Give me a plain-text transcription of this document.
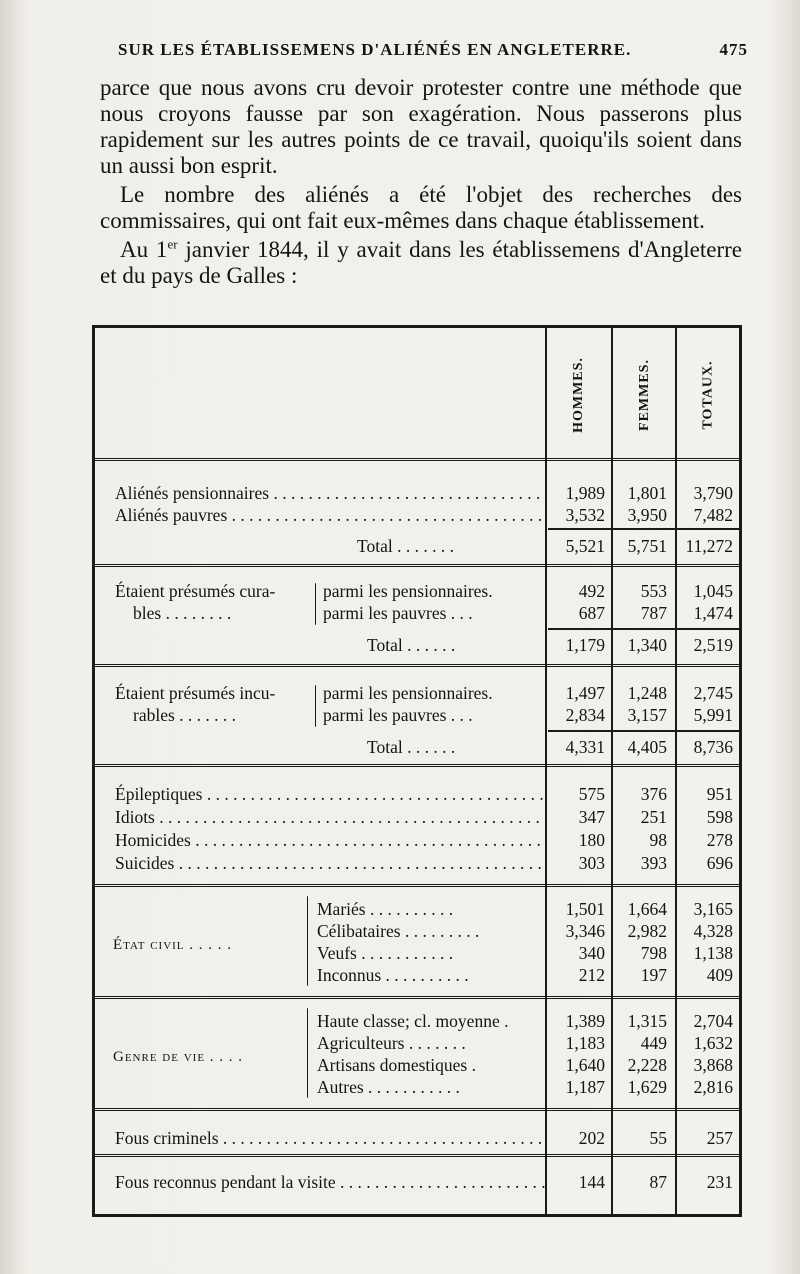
SUR LES ÉTABLISSEMENS D'ALIÉNÉS EN ANGLETERRE.	475

parce que nous avons cru devoir protester contre une méthode que nous croyons fausse par son exagération. Nous passerons plus rapidement sur les autres points de ce travail, quoiqu'ils soient dans un aussi bon esprit.

Le nombre des aliénés a été l'objet des recherches des commissaires, qui ont fait eux-mêmes dans chaque établissement.

Au 1er janvier 1844, il y avait dans les établissemens d'Angleterre et du pays de Galles :

HOMMES.	FEMMES.	TOTAUX.
Aliénés pensionnaires . . .	1,989	1,801	3,790
Aliénés pauvres . . .	3,532	3,950	7,482
Total . . . . . . .	5,521	5,751	11,272
Étaient présumés cura-	parmi les pensionnaires.	492	553	1,045
bles . . . . . . . .	parmi les pauvres . . .	687	787	1,474
Total . . . . . .	1,179	1,340	2,519
Étaient présumés incu-	parmi les pensionnaires.	1,497	1,248	2,745
rables . . . . . . .	parmi les pauvres . . .	2,834	3,157	5,991
Total . . . . . .	4,331	4,405	8,736
Épileptiques . . .	575	376	951
Idiots . . .	347	251	598
Homicides . . .	180	98	278
Suicides . . .	303	393	696
État civil . . . . .
Mariés . . . . . . . . . .	1,501	1,664	3,165
Célibataires . . . . . . . . .	3,346	2,982	4,328
Veufs . . . . . . . . . . .	340	798	1,138
Inconnus . . . . . . . . . .	212	197	409
Genre de vie . . . .
Haute classe; cl. moyenne .	1,389	1,315	2,704
Agriculteurs . . . . . . .	1,183	449	1,632
Artisans domestiques .	1,640	2,228	3,868
Autres . . . . . . . . . . .	1,187	1,629	2,816
Fous criminels . . .	202	55	257
Fous reconnus pendant la visite . . .	144	87	231
